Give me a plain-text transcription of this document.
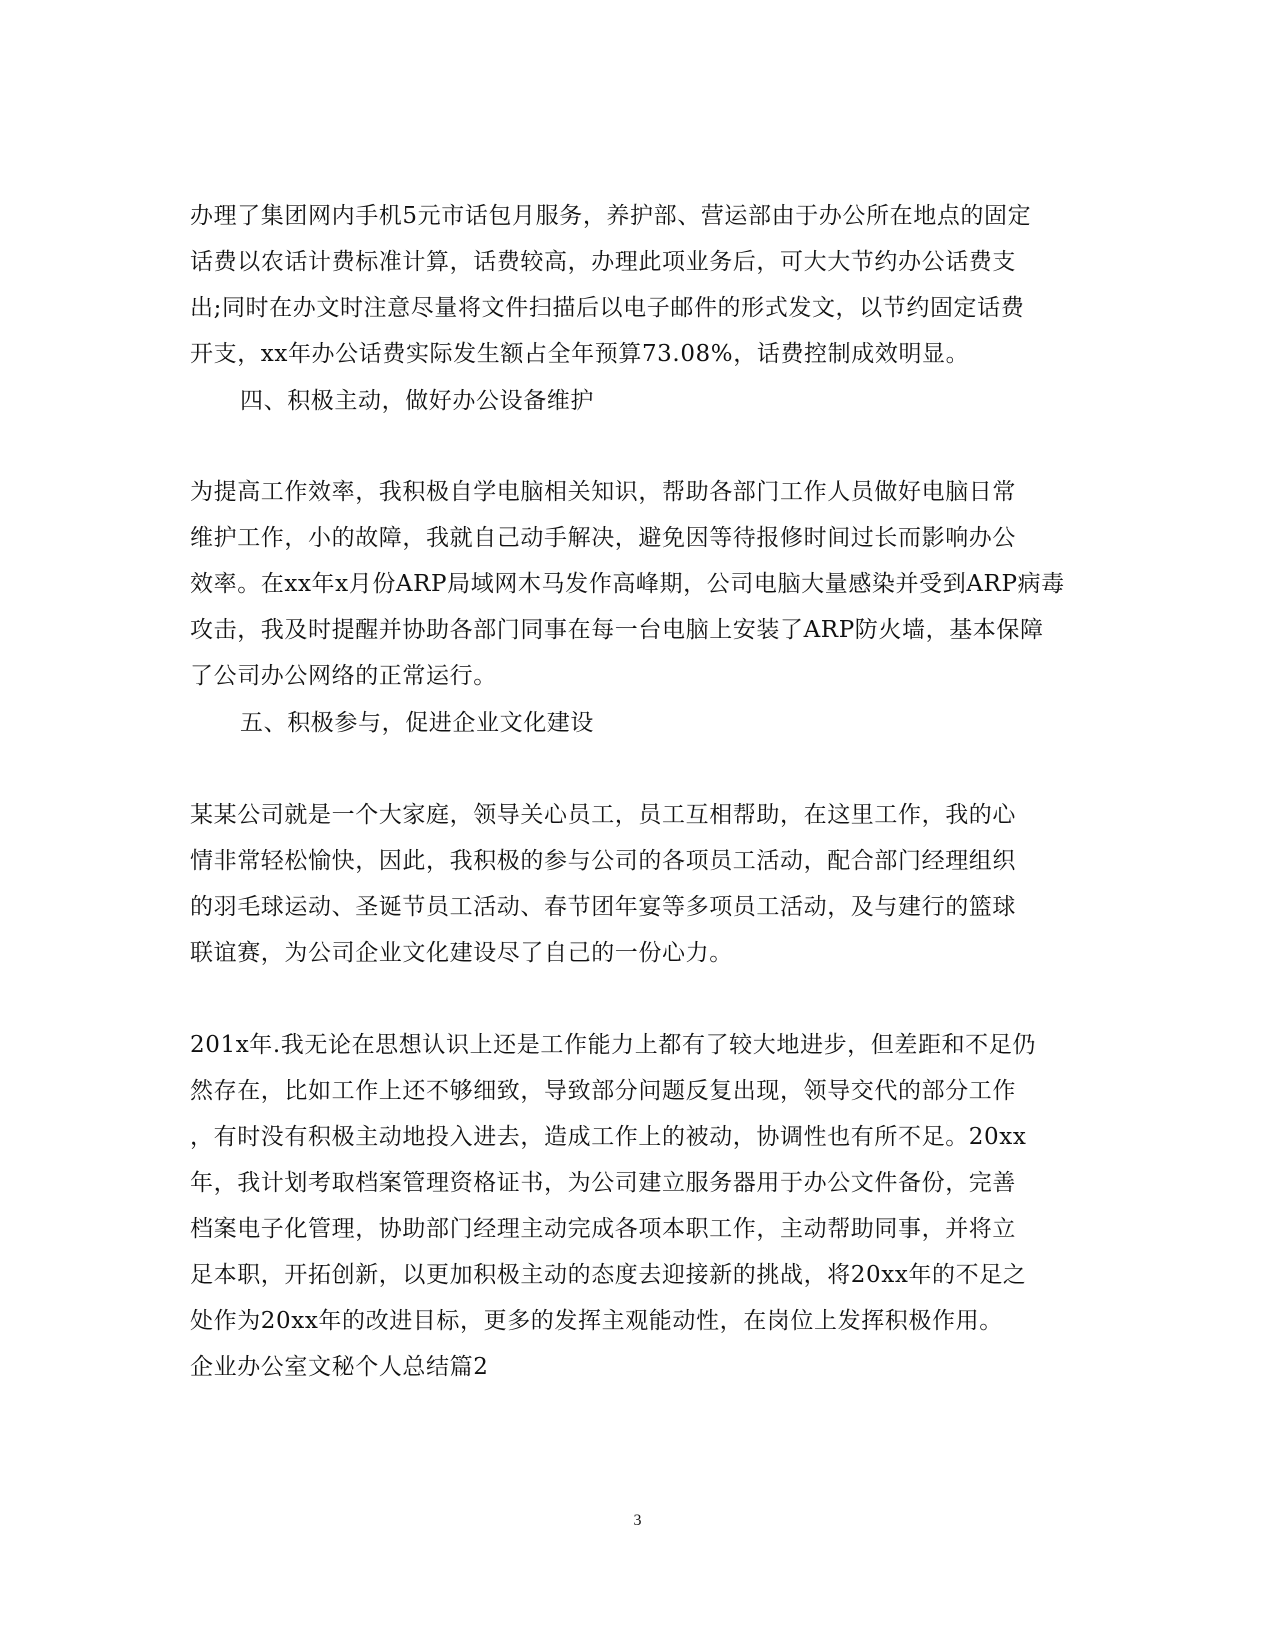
办理了集团网内手机5元市话包月服务，养护部、营运部由于办公所在地点的固定
话费以农话计费标准计算，话费较高，办理此项业务后，可大大节约办公话费支
出;同时在办文时注意尽量将文件扫描后以电子邮件的形式发文，以节约固定话费
开支，xx年办公话费实际发生额占全年预算73.08%，话费控制成效明显。
四、积极主动，做好办公设备维护
为提高工作效率，我积极自学电脑相关知识，帮助各部门工作人员做好电脑日常
维护工作，小的故障，我就自己动手解决，避免因等待报修时间过长而影响办公
效率。在xx年x月份ARP局域网木马发作高峰期，公司电脑大量感染并受到ARP病毒
攻击，我及时提醒并协助各部门同事在每一台电脑上安装了ARP防火墙，基本保障
了公司办公网络的正常运行。
五、积极参与，促进企业文化建设
某某公司就是一个大家庭，领导关心员工，员工互相帮助，在这里工作，我的心
情非常轻松愉快，因此，我积极的参与公司的各项员工活动，配合部门经理组织
的羽毛球运动、圣诞节员工活动、春节团年宴等多项员工活动，及与建行的篮球
联谊赛，为公司企业文化建设尽了自己的一份心力。
201x年.我无论在思想认识上还是工作能力上都有了较大地进步，但差距和不足仍
然存在，比如工作上还不够细致，导致部分问题反复出现，领导交代的部分工作
，有时没有积极主动地投入进去，造成工作上的被动，协调性也有所不足。20xx
年，我计划考取档案管理资格证书，为公司建立服务器用于办公文件备份，完善
档案电子化管理，协助部门经理主动完成各项本职工作，主动帮助同事，并将立
足本职，开拓创新，以更加积极主动的态度去迎接新的挑战，将20xx年的不足之
处作为20xx年的改进目标，更多的发挥主观能动性，在岗位上发挥积极作用。
企业办公室文秘个人总结篇2
3
